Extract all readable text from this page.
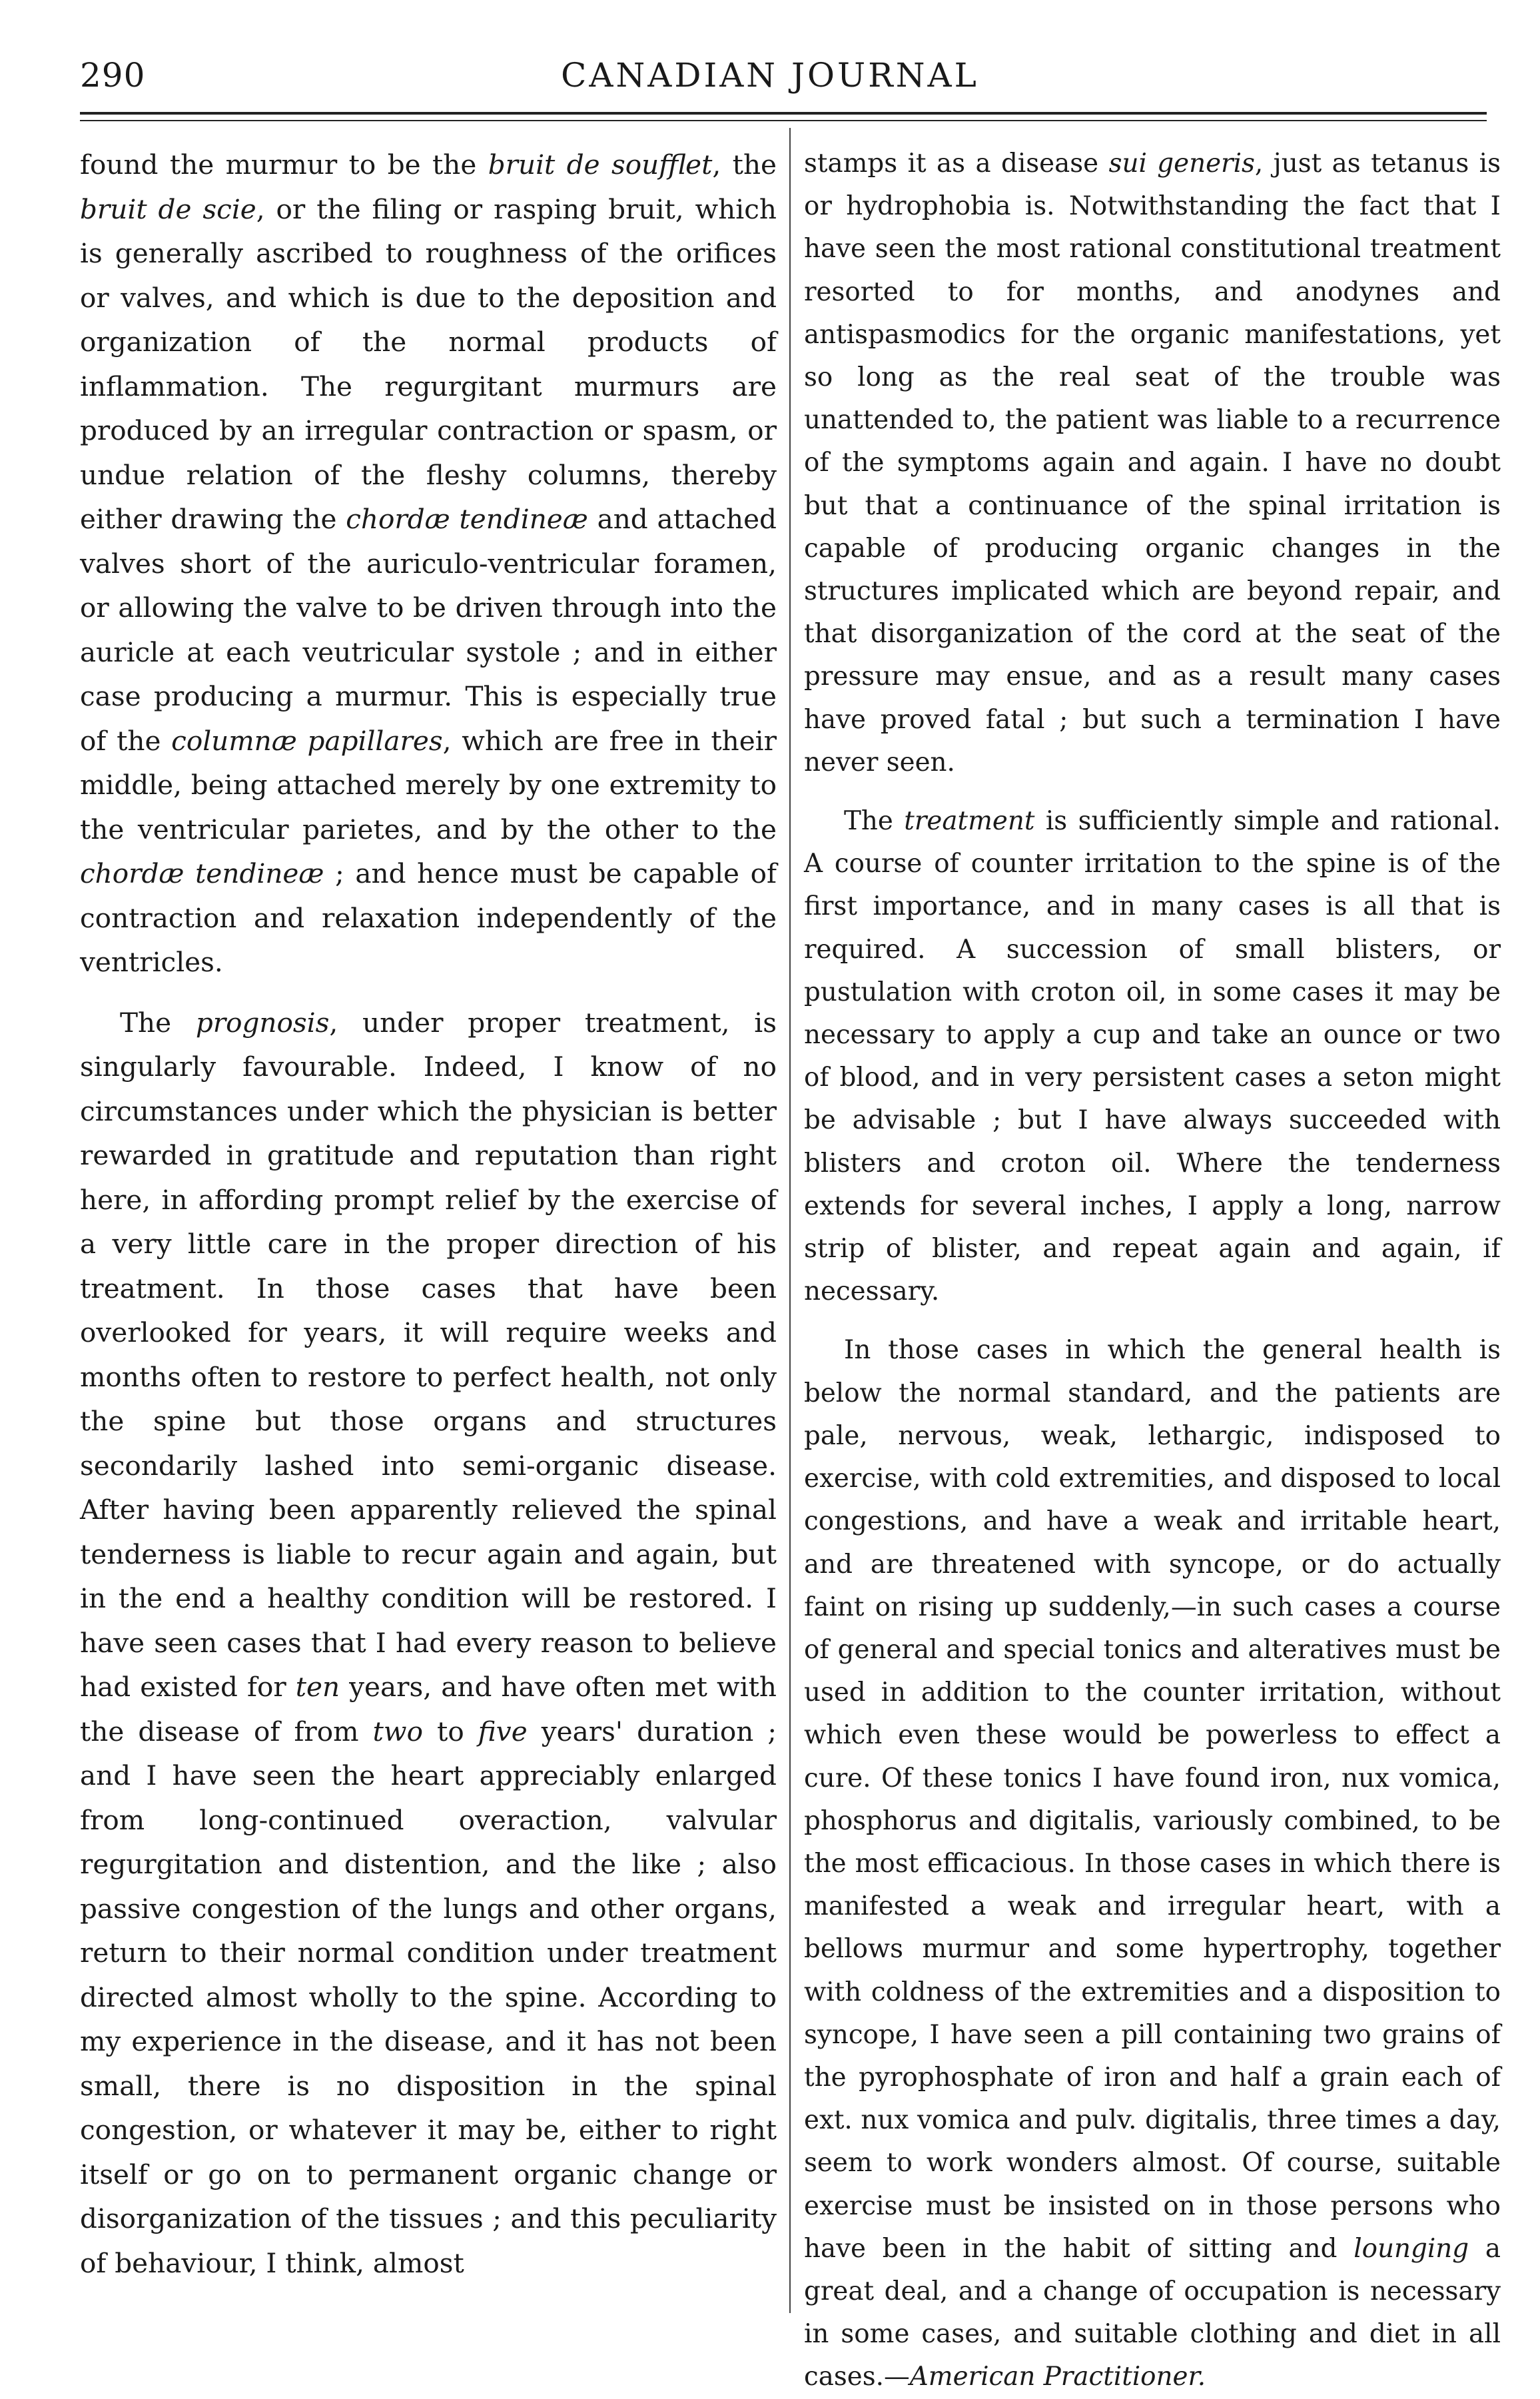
290	CANADIAN JOURNAL

found the murmur to be the bruit de soufflet, the bruit de scie, or the filing or rasping bruit, which is generally ascribed to roughness of the orifices or valves, and which is due to the deposition and organization of the normal products of inflammation. The regurgitant murmurs are produced by an irregular contraction or spasm, or undue relation of the fleshy columns, thereby either drawing the chordæ tendineæ and attached valves short of the auriculo-ventricular foramen, or allowing the valve to be driven through into the auricle at each veutricular systole ; and in either case producing a murmur. This is especially true of the columnæ papillares, which are free in their middle, being attached merely by one extremity to the ventricular parietes, and by the other to the chordæ tendineæ ; and hence must be capable of contraction and relaxation independently of the ventricles.

The prognosis, under proper treatment, is singularly favourable. Indeed, I know of no circumstances under which the physician is better rewarded in gratitude and reputation than right here, in affording prompt relief by the exercise of a very little care in the proper direction of his treatment. In those cases that have been overlooked for years, it will require weeks and months often to restore to perfect health, not only the spine but those organs and structures secondarily lashed into semi-organic disease. After having been apparently relieved the spinal tenderness is liable to recur again and again, but in the end a healthy condition will be restored. I have seen cases that I had every reason to believe had existed for ten years, and have often met with the disease of from two to five years' duration ; and I have seen the heart appreciably enlarged from long-continued overaction, valvular regurgitation and distention, and the like ; also passive congestion of the lungs and other organs, return to their normal condition under treatment directed almost wholly to the spine. According to my experience in the disease, and it has not been small, there is no disposition in the spinal congestion, or whatever it may be, either to right itself or go on to permanent organic change or disorganization of the tissues ; and this peculiarity of behaviour, I think, almost

stamps it as a disease sui generis, just as tetanus is or hydrophobia is. Notwithstanding the fact that I have seen the most rational constitutional treatment resorted to for months, and anodynes and antispasmodics for the organic manifestations, yet so long as the real seat of the trouble was unattended to, the patient was liable to a recurrence of the symptoms again and again. I have no doubt but that a continuance of the spinal irritation is capable of producing organic changes in the structures implicated which are beyond repair, and that disorganization of the cord at the seat of the pressure may ensue, and as a result many cases have proved fatal ; but such a termination I have never seen.

The treatment is sufficiently simple and rational. A course of counter irritation to the spine is of the first importance, and in many cases is all that is required. A succession of small blisters, or pustulation with croton oil, in some cases it may be necessary to apply a cup and take an ounce or two of blood, and in very persistent cases a seton might be advisable ; but I have always succeeded with blisters and croton oil. Where the tenderness extends for several inches, I apply a long, narrow strip of blister, and repeat again and again, if necessary.

In those cases in which the general health is below the normal standard, and the patients are pale, nervous, weak, lethargic, indisposed to exercise, with cold extremities, and disposed to local congestions, and have a weak and irritable heart, and are threatened with syncope, or do actually faint on rising up suddenly,—in such cases a course of general and special tonics and alteratives must be used in addition to the counter irritation, without which even these would be powerless to effect a cure. Of these tonics I have found iron, nux vomica, phosphorus and digitalis, variously combined, to be the most efficacious. In those cases in which there is manifested a weak and irregular heart, with a bellows murmur and some hypertrophy, together with coldness of the extremities and a disposition to syncope, I have seen a pill containing two grains of the pyrophosphate of iron and half a grain each of ext. nux vomica and pulv. digitalis, three times a day, seem to work wonders almost. Of course, suitable exercise must be insisted on in those persons who have been in the habit of sitting and lounging a great deal, and a change of occupation is necessary in some cases, and suitable clothing and diet in all cases.—American Practitioner.
